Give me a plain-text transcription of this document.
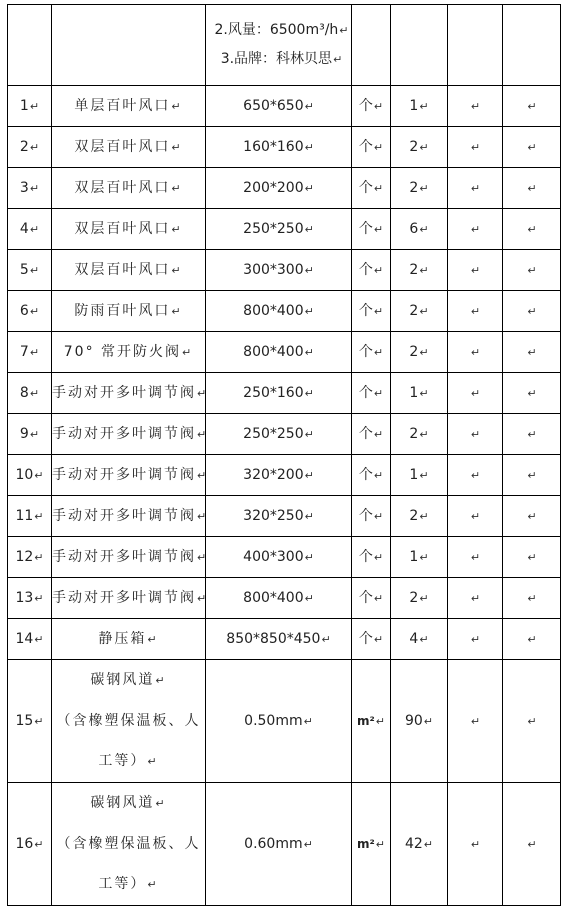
		2.风量：6500m³/h↵
3.品牌：科林贝思↵				

1↵	单层百叶风口↵	650*650↵	个↵	1↵	↵	↵
2↵	双层百叶风口↵	160*160↵	个↵	2↵	↵	↵
3↵	双层百叶风口↵	200*200↵	个↵	2↵	↵	↵
4↵	双层百叶风口↵	250*250↵	个↵	6↵	↵	↵
5↵	双层百叶风口↵	300*300↵	个↵	2↵	↵	↵
6↵	防雨百叶风口↵	800*400↵	个↵	2↵	↵	↵
7↵	70° 常开防火阀↵	800*400↵	个↵	2↵	↵	↵
8↵	手动对开多叶调节阀↵	250*160↵	个↵	1↵	↵	↵
9↵	手动对开多叶调节阀↵	250*250↵	个↵	2↵	↵	↵
10↵	手动对开多叶调节阀↵	320*200↵	个↵	1↵	↵	↵
11↵	手动对开多叶调节阀↵	320*250↵	个↵	2↵	↵	↵
12↵	手动对开多叶调节阀↵	400*300↵	个↵	1↵	↵	↵
13↵	手动对开多叶调节阀↵	800*400↵	个↵	2↵	↵	↵
14↵	静压箱↵	850*850*450↵	个↵	4↵	↵	↵
15↵	碳钢风道↵
（含橡塑保温板、人
工等）↵	0.50mm↵	m²↵	90↵	↵	↵
16↵	碳钢风道↵
（含橡塑保温板、人
工等）↵	0.60mm↵	m²↵	42↵	↵	↵
